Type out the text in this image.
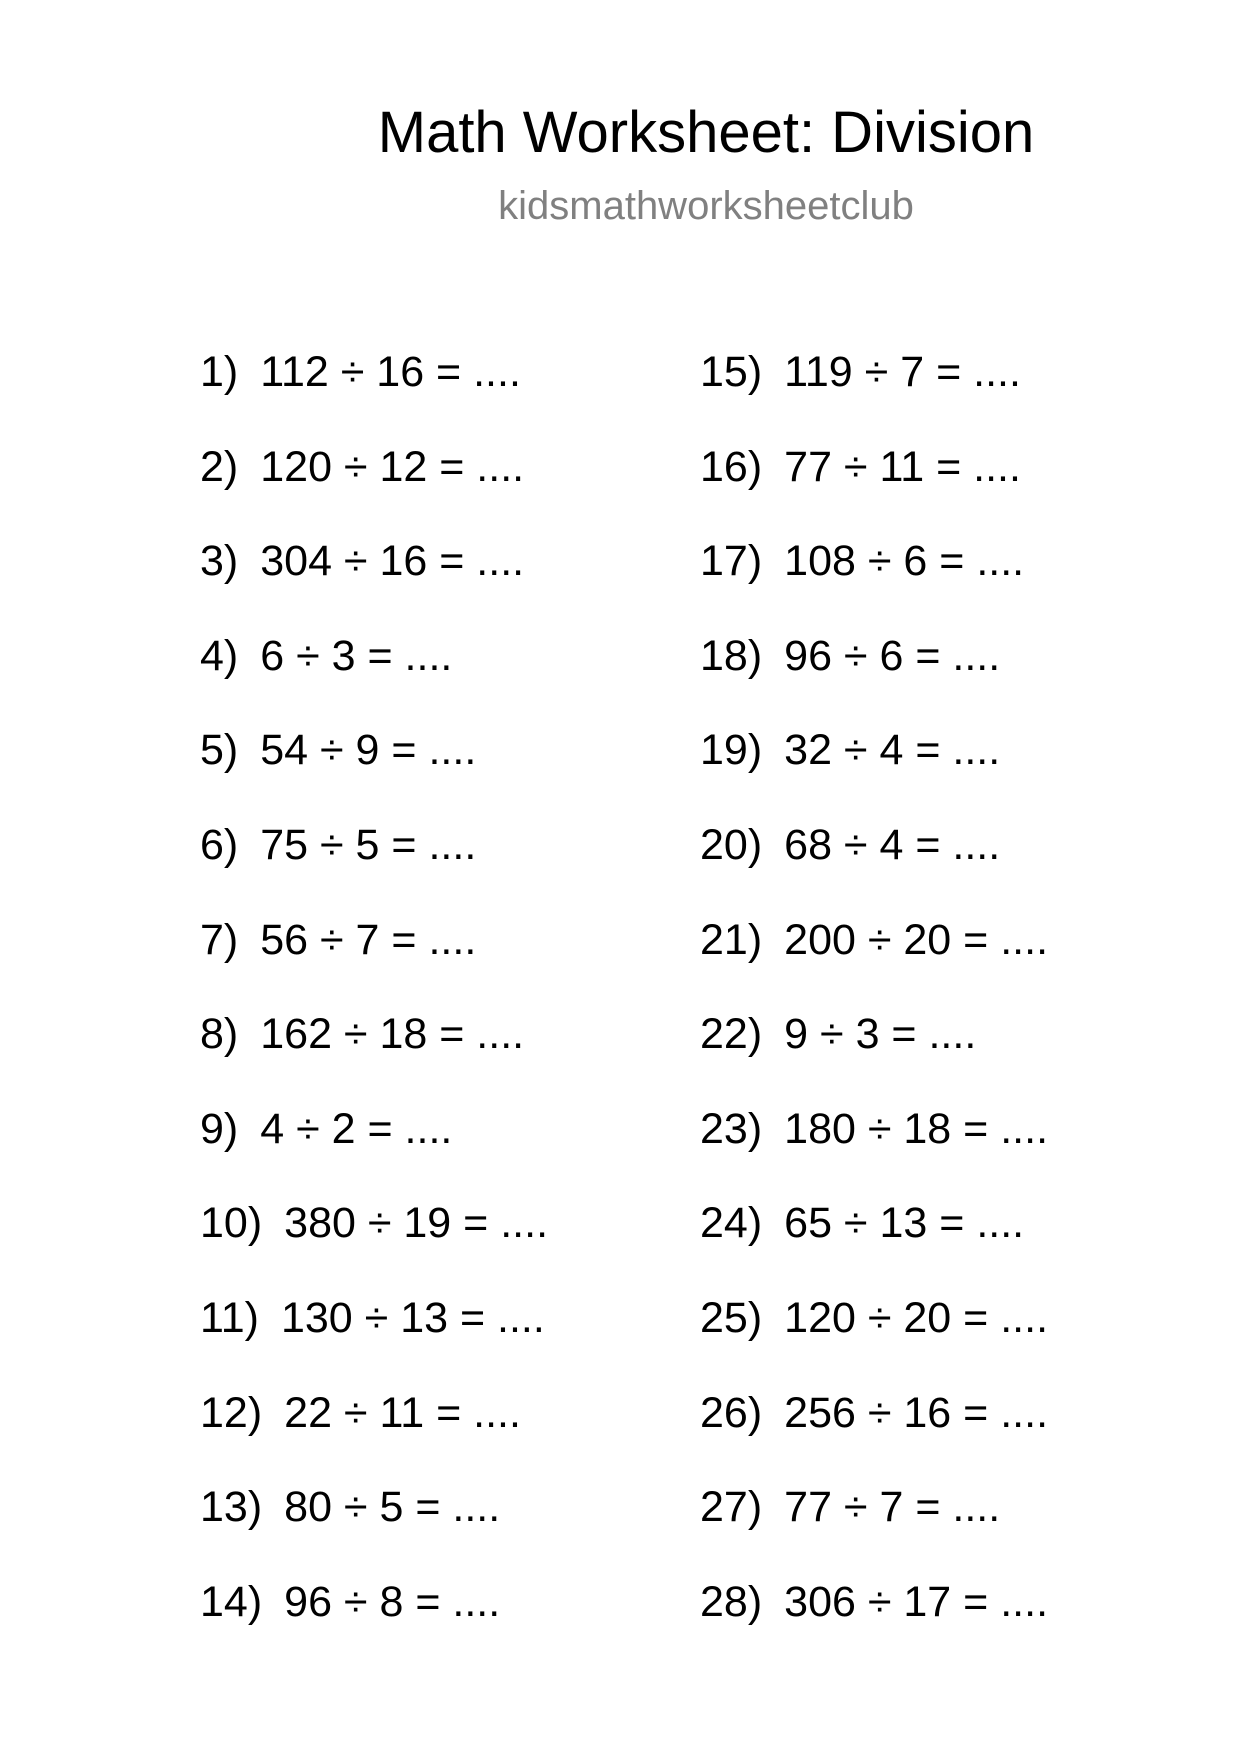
Math Worksheet: Division
kidsmathworksheetclub
1) 112 ÷ 16 = ....
2) 120 ÷ 12 = ....
3) 304 ÷ 16 = ....
4) 6 ÷ 3 = ....
5) 54 ÷ 9 = ....
6) 75 ÷ 5 = ....
7) 56 ÷ 7 = ....
8) 162 ÷ 18 = ....
9) 4 ÷ 2 = ....
10) 380 ÷ 19 = ....
11) 130 ÷ 13 = ....
12) 22 ÷ 11 = ....
13) 80 ÷ 5 = ....
14) 96 ÷ 8 = ....
15) 119 ÷ 7 = ....
16) 77 ÷ 11 = ....
17) 108 ÷ 6 = ....
18) 96 ÷ 6 = ....
19) 32 ÷ 4 = ....
20) 68 ÷ 4 = ....
21) 200 ÷ 20 = ....
22) 9 ÷ 3 = ....
23) 180 ÷ 18 = ....
24) 65 ÷ 13 = ....
25) 120 ÷ 20 = ....
26) 256 ÷ 16 = ....
27) 77 ÷ 7 = ....
28) 306 ÷ 17 = ....
